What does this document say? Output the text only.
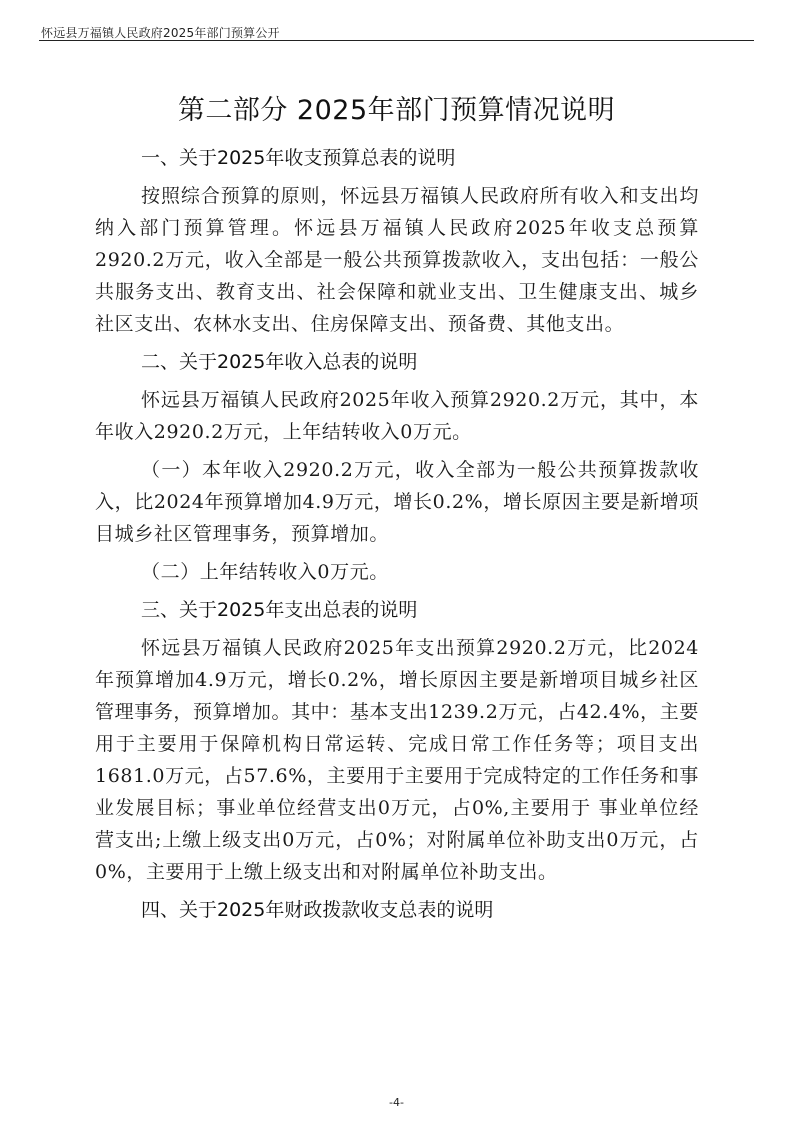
怀远县万福镇人民政府2025年部门预算公开
第二部分 2025年部门预算情况说明

一、关于2025年收支预算总表的说明

按照综合预算的原则，怀远县万福镇人民政府所有收入和支出均纳入部门预算管理。怀远县万福镇人民政府2025年收支总预算2920.2万元，收入全部是一般公共预算拨款收入，支出包括：一般公共服务支出、教育支出、社会保障和就业支出、卫生健康支出、城乡社区支出、农林水支出、住房保障支出、预备费、其他支出。

二、关于2025年收入总表的说明

怀远县万福镇人民政府2025年收入预算2920.2万元，其中，本年收入2920.2万元，上年结转收入0万元。

（一）本年收入2920.2万元，收入全部为一般公共预算拨款收入，比2024年预算增加4.9万元，增长0.2%，增长原因主要是新增项目城乡社区管理事务，预算增加。

（二）上年结转收入0万元。

三、关于2025年支出总表的说明

怀远县万福镇人民政府2025年支出预算2920.2万元，比2024年预算增加4.9万元，增长0.2%，增长原因主要是新增项目城乡社区管理事务，预算增加。其中：基本支出1239.2万元，占42.4%，主要用于主要用于保障机构日常运转、完成日常工作任务等；项目支出1681.0万元，占57.6%，主要用于主要用于完成特定的工作任务和事业发展目标；事业单位经营支出0万元，占0%,主要用于 事业单位经营支出;上缴上级支出0万元，占0%；对附属单位补助支出0万元，占0%，主要用于上缴上级支出和对附属单位补助支出。

四、关于2025年财政拨款收支总表的说明

-4-
